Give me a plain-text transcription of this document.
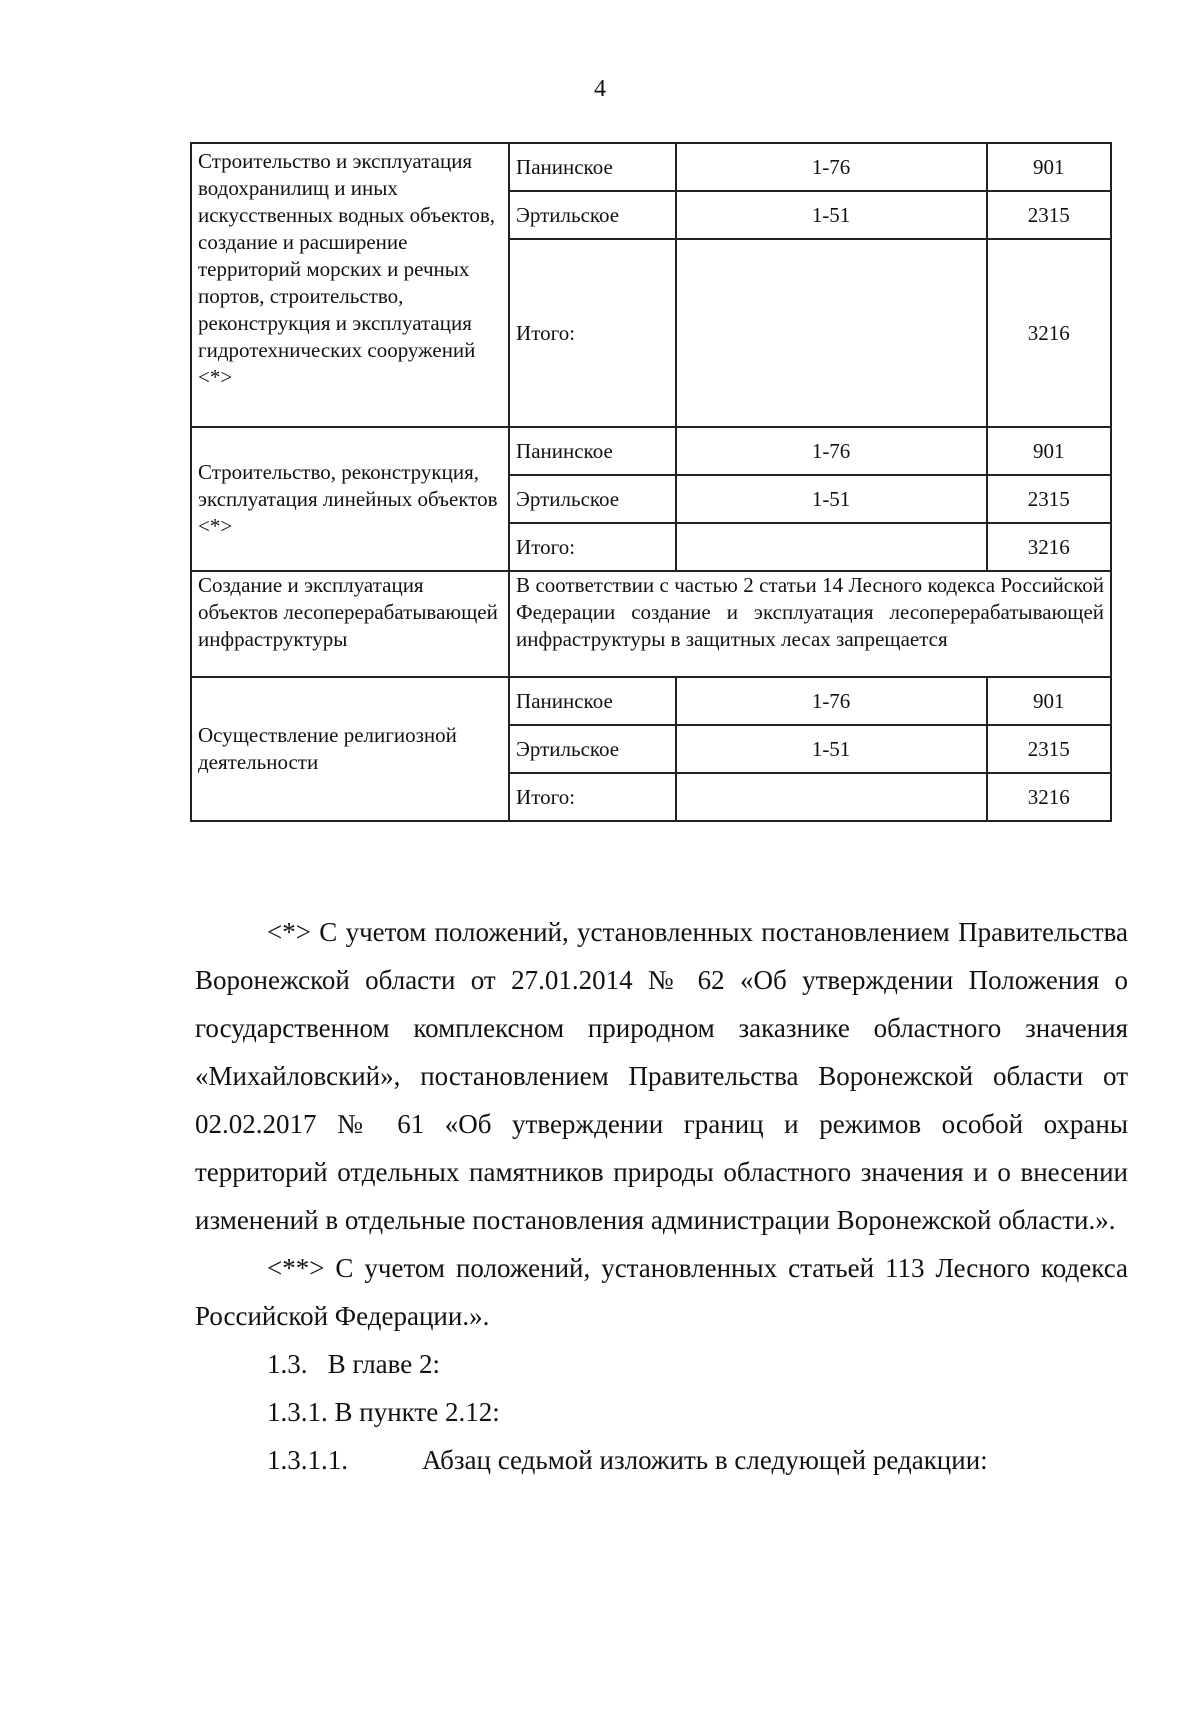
4
Строительство и эксплуатация водохранилищ и иных искусственных водных объектов, создание и расширение территорий морских и речных портов, строительство, реконструкция и эксплуатация гидротехнических сооружений <*>	Панинское	1-76	901
	Эртильское	1-51	2315
	Итого:		3216
Строительство, реконструкция, эксплуатация линейных объектов <*>	Панинское	1-76	901
	Эртильское	1-51	2315
	Итого:		3216
Создание и эксплуатация объектов лесоперерабатывающей инфраструктуры	В соответствии с частью 2 статьи 14 Лесного кодекса Российской Федерации создание и эксплуатация лесоперерабатывающей инфраструктуры в защитных лесах запрещается		
Осуществление религиозной деятельности	Панинское	1-76	901
	Эртильское	1-51	2315
	Итого:		3216

<*> С учетом положений, установленных постановлением Правительства Воронежской области от 27.01.2014 № 62 «Об утверждении Положения о государственном комплексном природном заказнике областного значения «Михайловский», постановлением Правительства Воронежской области от 02.02.2017 № 61 «Об утверждении границ и режимов особой охраны территорий отдельных памятников природы областного значения и о внесении изменений в отдельные постановления администрации Воронежской области.».

<**> С учетом положений, установленных статьей 113 Лесного кодекса Российской Федерации.».

1.3. В главе 2:

1.3.1. В пункте 2.12:

1.3.1.1.	Абзац седьмой изложить в следующей редакции:
